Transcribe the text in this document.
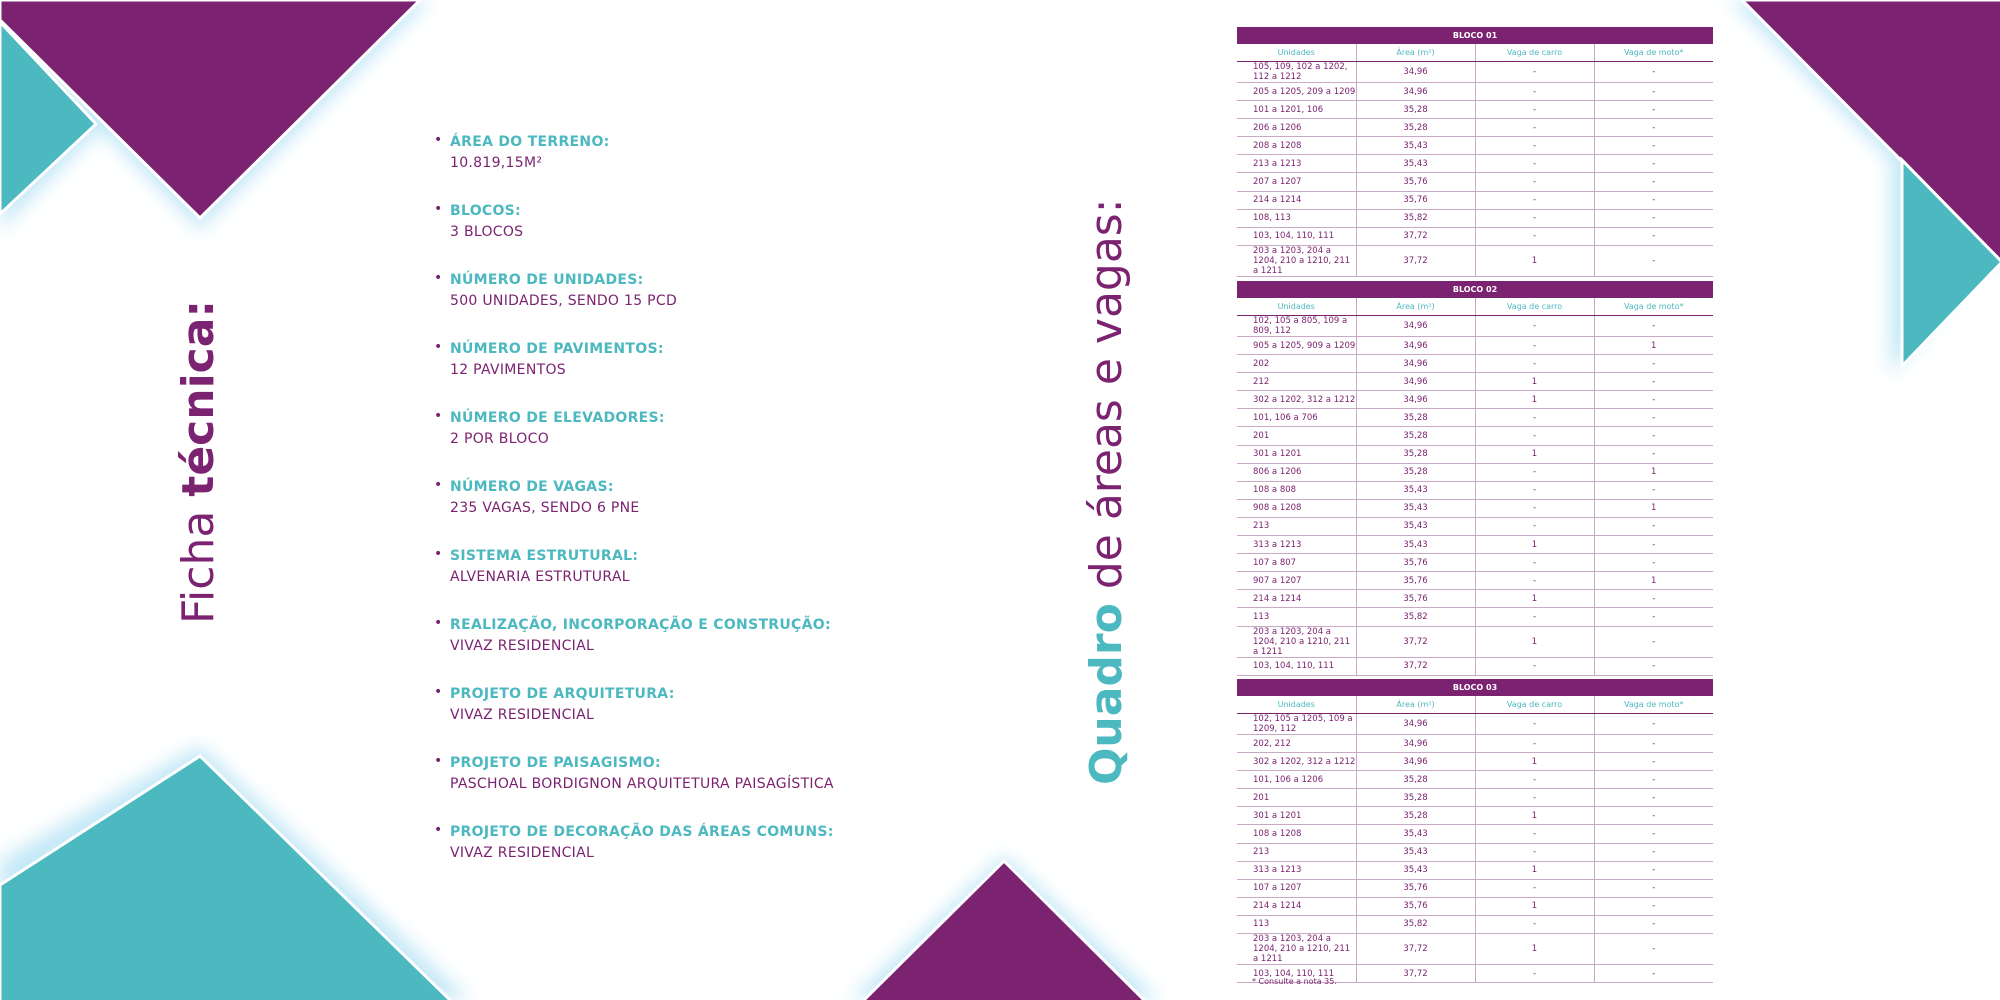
Ficha técnica:
• ÁREA DO TERRENO:
10.819,15M²
• BLOCOS:
3 BLOCOS
• NÚMERO DE UNIDADES:
500 UNIDADES, SENDO 15 PCD
• NÚMERO DE PAVIMENTOS:
12 PAVIMENTOS
• NÚMERO DE ELEVADORES:
2 POR BLOCO
• NÚMERO DE VAGAS:
235 VAGAS, SENDO 6 PNE
• SISTEMA ESTRUTURAL:
ALVENARIA ESTRUTURAL
• REALIZAÇÃO, INCORPORAÇÃO E CONSTRUÇÃO:
VIVAZ RESIDENCIAL
• PROJETO DE ARQUITETURA:
VIVAZ RESIDENCIAL
• PROJETO DE PAISAGISMO:
PASCHOAL BORDIGNON ARQUITETURA PAISAGÍSTICA
• PROJETO DE DECORAÇÃO DAS ÁREAS COMUNS:
VIVAZ RESIDENCIAL
Quadro de áreas e vagas:
BLOCO 01			
Unidades	Área (m²)	Vaga de carro	Vaga de moto*
105, 109, 102 a 1202, 112 a 1212	34,96	-	-
205 a 1205, 209 a 1209	34,96	-	-
101 a 1201, 106	35,28	-	-
206 a 1206	35,28	-	-
208 a 1208	35,43	-	-
213 a 1213	35,43	-	-
207 a 1207	35,76	-	-
214 a 1214	35,76	-	-
108, 113	35,82	-	-
103, 104, 110, 111	37,72	-	-
203 a 1203, 204 a 1204, 210 a 1210, 211 a 1211	37,72	1	-
BLOCO 02			
Unidades	Área (m²)	Vaga de carro	Vaga de moto*
102, 105 a 805, 109 a 809, 112	34,96	-	-
905 a 1205, 909 a 1209	34,96	-	1
202	34,96	-	-
212	34,96	1	-
302 a 1202, 312 a 1212	34,96	1	-
101, 106 a 706	35,28	-	-
201	35,28	-	-
301 a 1201	35,28	1	-
806 a 1206	35,28	-	1
108 a 808	35,43	-	-
908 a 1208	35,43	-	1
213	35,43	-	-
313 a 1213	35,43	1	-
107 a 807	35,76	-	-
907 a 1207	35,76	-	1
214 a 1214	35,76	1	-
113	35,82	-	-
203 a 1203, 204 a 1204, 210 a 1210, 211 a 1211	37,72	1	-
103, 104, 110, 111	37,72	-	-
BLOCO 03			
Unidades	Área (m²)	Vaga de carro	Vaga de moto*
102, 105 a 1205, 109 a 1209, 112	34,96	-	-
202, 212	34,96	-	-
302 a 1202, 312 a 1212	34,96	1	-
101, 106 a 1206	35,28	-	-
201	35,28	-	-
301 a 1201	35,28	1	-
108 a 1208	35,43	-	-
213	35,43	-	-
313 a 1213	35,43	1	-
107 a 1207	35,76	-	-
214 a 1214	35,76	1	-
113	35,82	-	-
203 a 1203, 204 a 1204, 210 a 1210, 211 a 1211	37,72	1	-
103, 104, 110, 111	37,72	-	-
* Consulte a nota 35.
